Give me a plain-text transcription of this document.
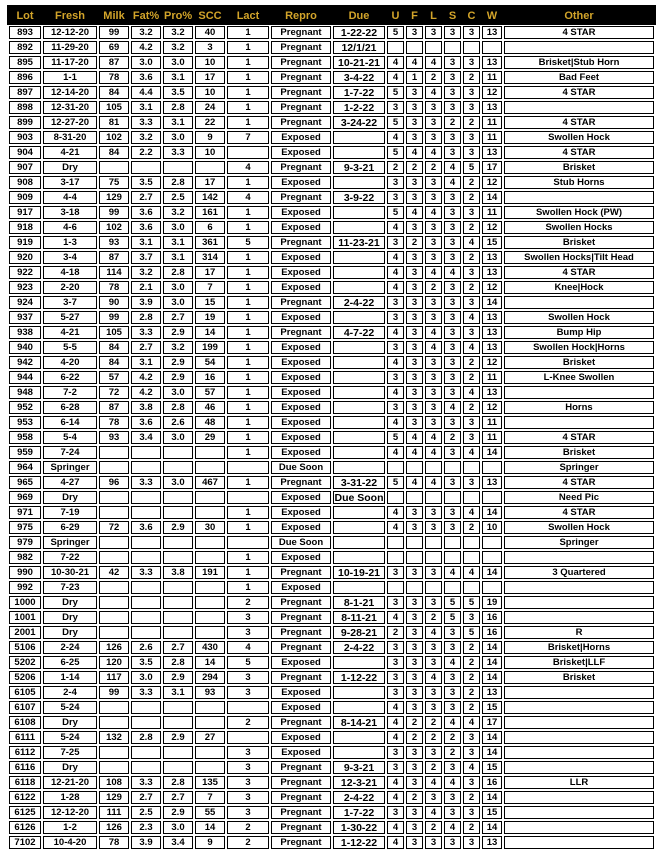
Lot	Fresh	Milk	Fat%	Pro%	SCC	Lact	Repro	Due	U	F	L	S	C	W	Other
893	12-12-20	99	3.2	3.2	40	1	Pregnant	1-22-22	5	3	3	3	3	13	4 STAR
892	11-29-20	69	4.2	3.2	3	1	Pregnant	12/1/21							
895	11-17-20	87	3.0	3.0	10	1	Pregnant	10-21-21	4	4	4	3	3	13	Brisket|Stub Horn
896	1-1	78	3.6	3.1	17	1	Pregnant	3-4-22	4	1	2	3	2	11	Bad Feet
897	12-14-20	84	4.4	3.5	10	1	Pregnant	1-7-22	5	3	4	3	3	12	4 STAR
898	12-31-20	105	3.1	2.8	24	1	Pregnant	1-2-22	3	3	3	3	3	13	
899	12-27-20	81	3.3	3.1	22	1	Pregnant	3-24-22	5	3	3	2	2	11	4 STAR
903	8-31-20	102	3.2	3.0	9	7	Exposed		4	3	3	3	3	11	Swollen Hock
904	4-21	84	2.2	3.3	10		Exposed		5	4	4	3	3	13	4 STAR
907	Dry					4	Pregnant	9-3-21	2	2	2	4	5	17	Brisket
908	3-17	75	3.5	2.8	17	1	Exposed		3	3	3	4	2	12	Stub Horns
909	4-4	129	2.7	2.5	142	4	Pregnant	3-9-22	3	3	3	3	2	14	
917	3-18	99	3.6	3.2	161	1	Exposed		5	4	4	3	3	11	Swollen Hock (PW)
918	4-6	102	3.6	3.0	6	1	Exposed		4	3	3	3	2	12	Swollen Hocks
919	1-3	93	3.1	3.1	361	5	Pregnant	11-23-21	3	2	3	3	4	15	Brisket
920	3-4	87	3.7	3.1	314	1	Exposed		4	3	3	3	2	13	Swollen Hocks|Tilt Head
922	4-18	114	3.2	2.8	17	1	Exposed		4	3	4	4	3	13	4 STAR
923	2-20	78	2.1	3.0	7	1	Exposed		4	3	2	3	2	12	Knee|Hock
924	3-7	90	3.9	3.0	15	1	Pregnant	2-4-22	3	3	3	3	3	14	
937	5-27	99	2.8	2.7	19	1	Exposed		3	3	3	3	4	13	Swollen Hock
938	4-21	105	3.3	2.9	14	1	Pregnant	4-7-22	4	3	4	3	3	13	Bump Hip
940	5-5	84	2.7	3.2	199	1	Exposed		3	3	4	3	4	13	Swollen Hock|Horns
942	4-20	84	3.1	2.9	54	1	Exposed		4	3	3	3	2	12	Brisket
944	6-22	57	4.2	2.9	16	1	Exposed		3	3	3	3	2	11	L-Knee Swollen
948	7-2	72	4.2	3.0	57	1	Exposed		4	3	3	3	4	13	
952	6-28	87	3.8	2.8	46	1	Exposed		3	3	3	4	2	12	Horns
953	6-14	78	3.6	2.6	48	1	Exposed		4	3	3	3	3	11	
958	5-4	93	3.4	3.0	29	1	Exposed		5	4	4	2	3	11	4 STAR
959	7-24					1	Exposed		4	4	4	3	4	14	Brisket
964	Springer						Due Soon								Springer
965	4-27	96	3.3	3.0	467	1	Pregnant	3-31-22	5	4	4	3	3	13	4 STAR
969	Dry						Exposed	Due Soon							Need Pic
971	7-19					1	Exposed		4	3	3	3	4	14	4 STAR
975	6-29	72	3.6	2.9	30	1	Exposed		4	3	3	3	2	10	Swollen Hock
979	Springer						Due Soon								Springer
982	7-22					1	Exposed								
990	10-30-21	42	3.3	3.8	191	1	Pregnant	10-19-21	3	3	3	4	4	14	3 Quartered
992	7-23					1	Exposed								
1000	Dry					2	Pregnant	8-1-21	3	3	3	5	5	19	
1001	Dry					3	Pregnant	8-11-21	4	3	2	5	3	16	
2001	Dry					3	Pregnant	9-28-21	2	3	4	3	5	16	R
5106	2-24	126	2.6	2.7	430	4	Pregnant	2-4-22	3	3	3	3	2	14	Brisket|Horns
5202	6-25	120	3.5	2.8	14	5	Exposed		3	3	3	4	2	14	Brisket|LLF
5206	1-14	117	3.0	2.9	294	3	Pregnant	1-12-22	3	3	4	3	2	14	Brisket
6105	2-4	99	3.3	3.1	93	3	Exposed		3	3	3	3	2	13	
6107	5-24						Exposed		4	3	3	3	2	15	
6108	Dry					2	Pregnant	8-14-21	4	2	2	4	4	17	
6111	5-24	132	2.8	2.9	27		Exposed		4	2	2	2	3	14	
6112	7-25					3	Exposed		3	3	3	2	3	14	
6116	Dry					3	Pregnant	9-3-21	3	3	2	3	4	15	
6118	12-21-20	108	3.3	2.8	135	3	Pregnant	12-3-21	4	3	4	4	3	16	LLR
6122	1-28	129	2.7	2.7	7	3	Pregnant	2-4-22	4	2	3	3	2	14	
6125	12-12-20	111	2.5	2.9	55	3	Pregnant	1-7-22	3	3	4	3	3	15	
6126	1-2	126	2.3	3.0	14	2	Pregnant	1-30-22	4	3	2	4	2	14	
7102	10-4-20	78	3.9	3.4	9	2	Pregnant	1-12-22	4	3	3	3	3	13	
